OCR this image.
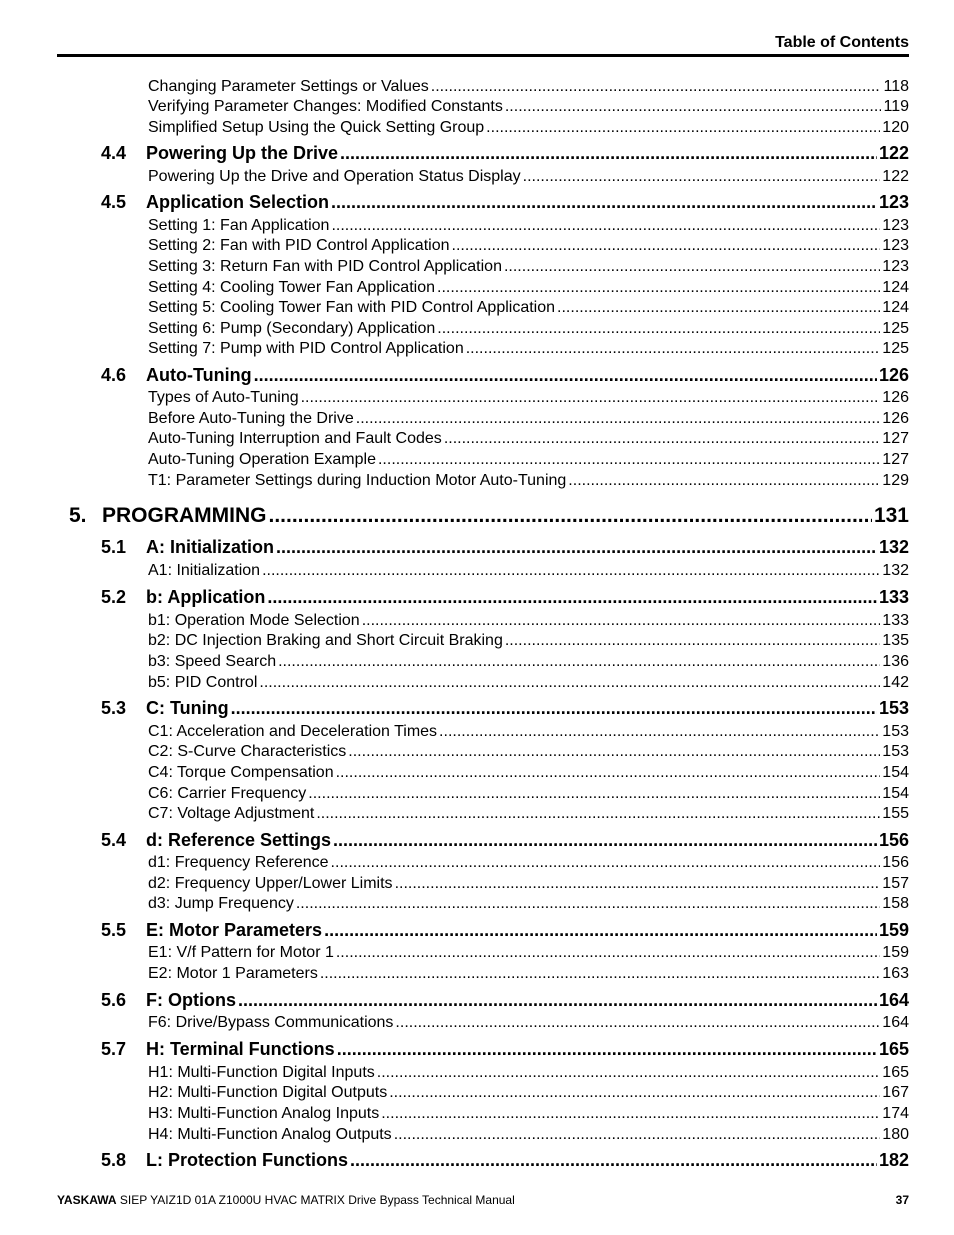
Table of Contents
Changing Parameter Settings or Values .....	118
Verifying Parameter Changes: Modified Constants .....	119
Simplified Setup Using the Quick Setting Group .....	120
4.4 Powering Up the Drive .....	122
Powering Up the Drive and Operation Status Display .....	122
4.5 Application Selection .....	123
Setting 1: Fan Application .....	123
Setting 2: Fan with PID Control Application .....	123
Setting 3: Return Fan with PID Control Application .....	123
Setting 4: Cooling Tower Fan Application .....	124
Setting 5: Cooling Tower Fan with PID Control Application .....	124
Setting 6: Pump (Secondary) Application .....	125
Setting 7: Pump with PID Control Application .....	125
4.6 Auto-Tuning .....	126
Types of Auto-Tuning .....	126
Before Auto-Tuning the Drive .....	126
Auto-Tuning Interruption and Fault Codes .....	127
Auto-Tuning Operation Example .....	127
T1: Parameter Settings during Induction Motor Auto-Tuning .....	129
5. PROGRAMMING .....	131
5.1 A: Initialization .....	132
A1: Initialization .....	132
5.2 b: Application .....	133
b1: Operation Mode Selection .....	133
b2: DC Injection Braking and Short Circuit Braking .....	135
b3: Speed Search .....	136
b5: PID Control .....	142
5.3 C: Tuning .....	153
C1: Acceleration and Deceleration Times .....	153
C2: S-Curve Characteristics .....	153
C4: Torque Compensation .....	154
C6: Carrier Frequency .....	154
C7: Voltage Adjustment .....	155
5.4 d: Reference Settings .....	156
d1: Frequency Reference .....	156
d2: Frequency Upper/Lower Limits .....	157
d3: Jump Frequency .....	158
5.5 E: Motor Parameters .....	159
E1: V/f Pattern for Motor 1 .....	159
E2: Motor 1 Parameters .....	163
5.6 F: Options .....	164
F6: Drive/Bypass Communications .....	164
5.7 H: Terminal Functions .....	165
H1: Multi-Function Digital Inputs .....	165
H2: Multi-Function Digital Outputs .....	167
H3: Multi-Function Analog Inputs .....	174
H4: Multi-Function Analog Outputs .....	180
5.8 L: Protection Functions .....	182
YASKAWA SIEP YAIZ1D 01A Z1000U HVAC MATRIX Drive Bypass Technical Manual	37
